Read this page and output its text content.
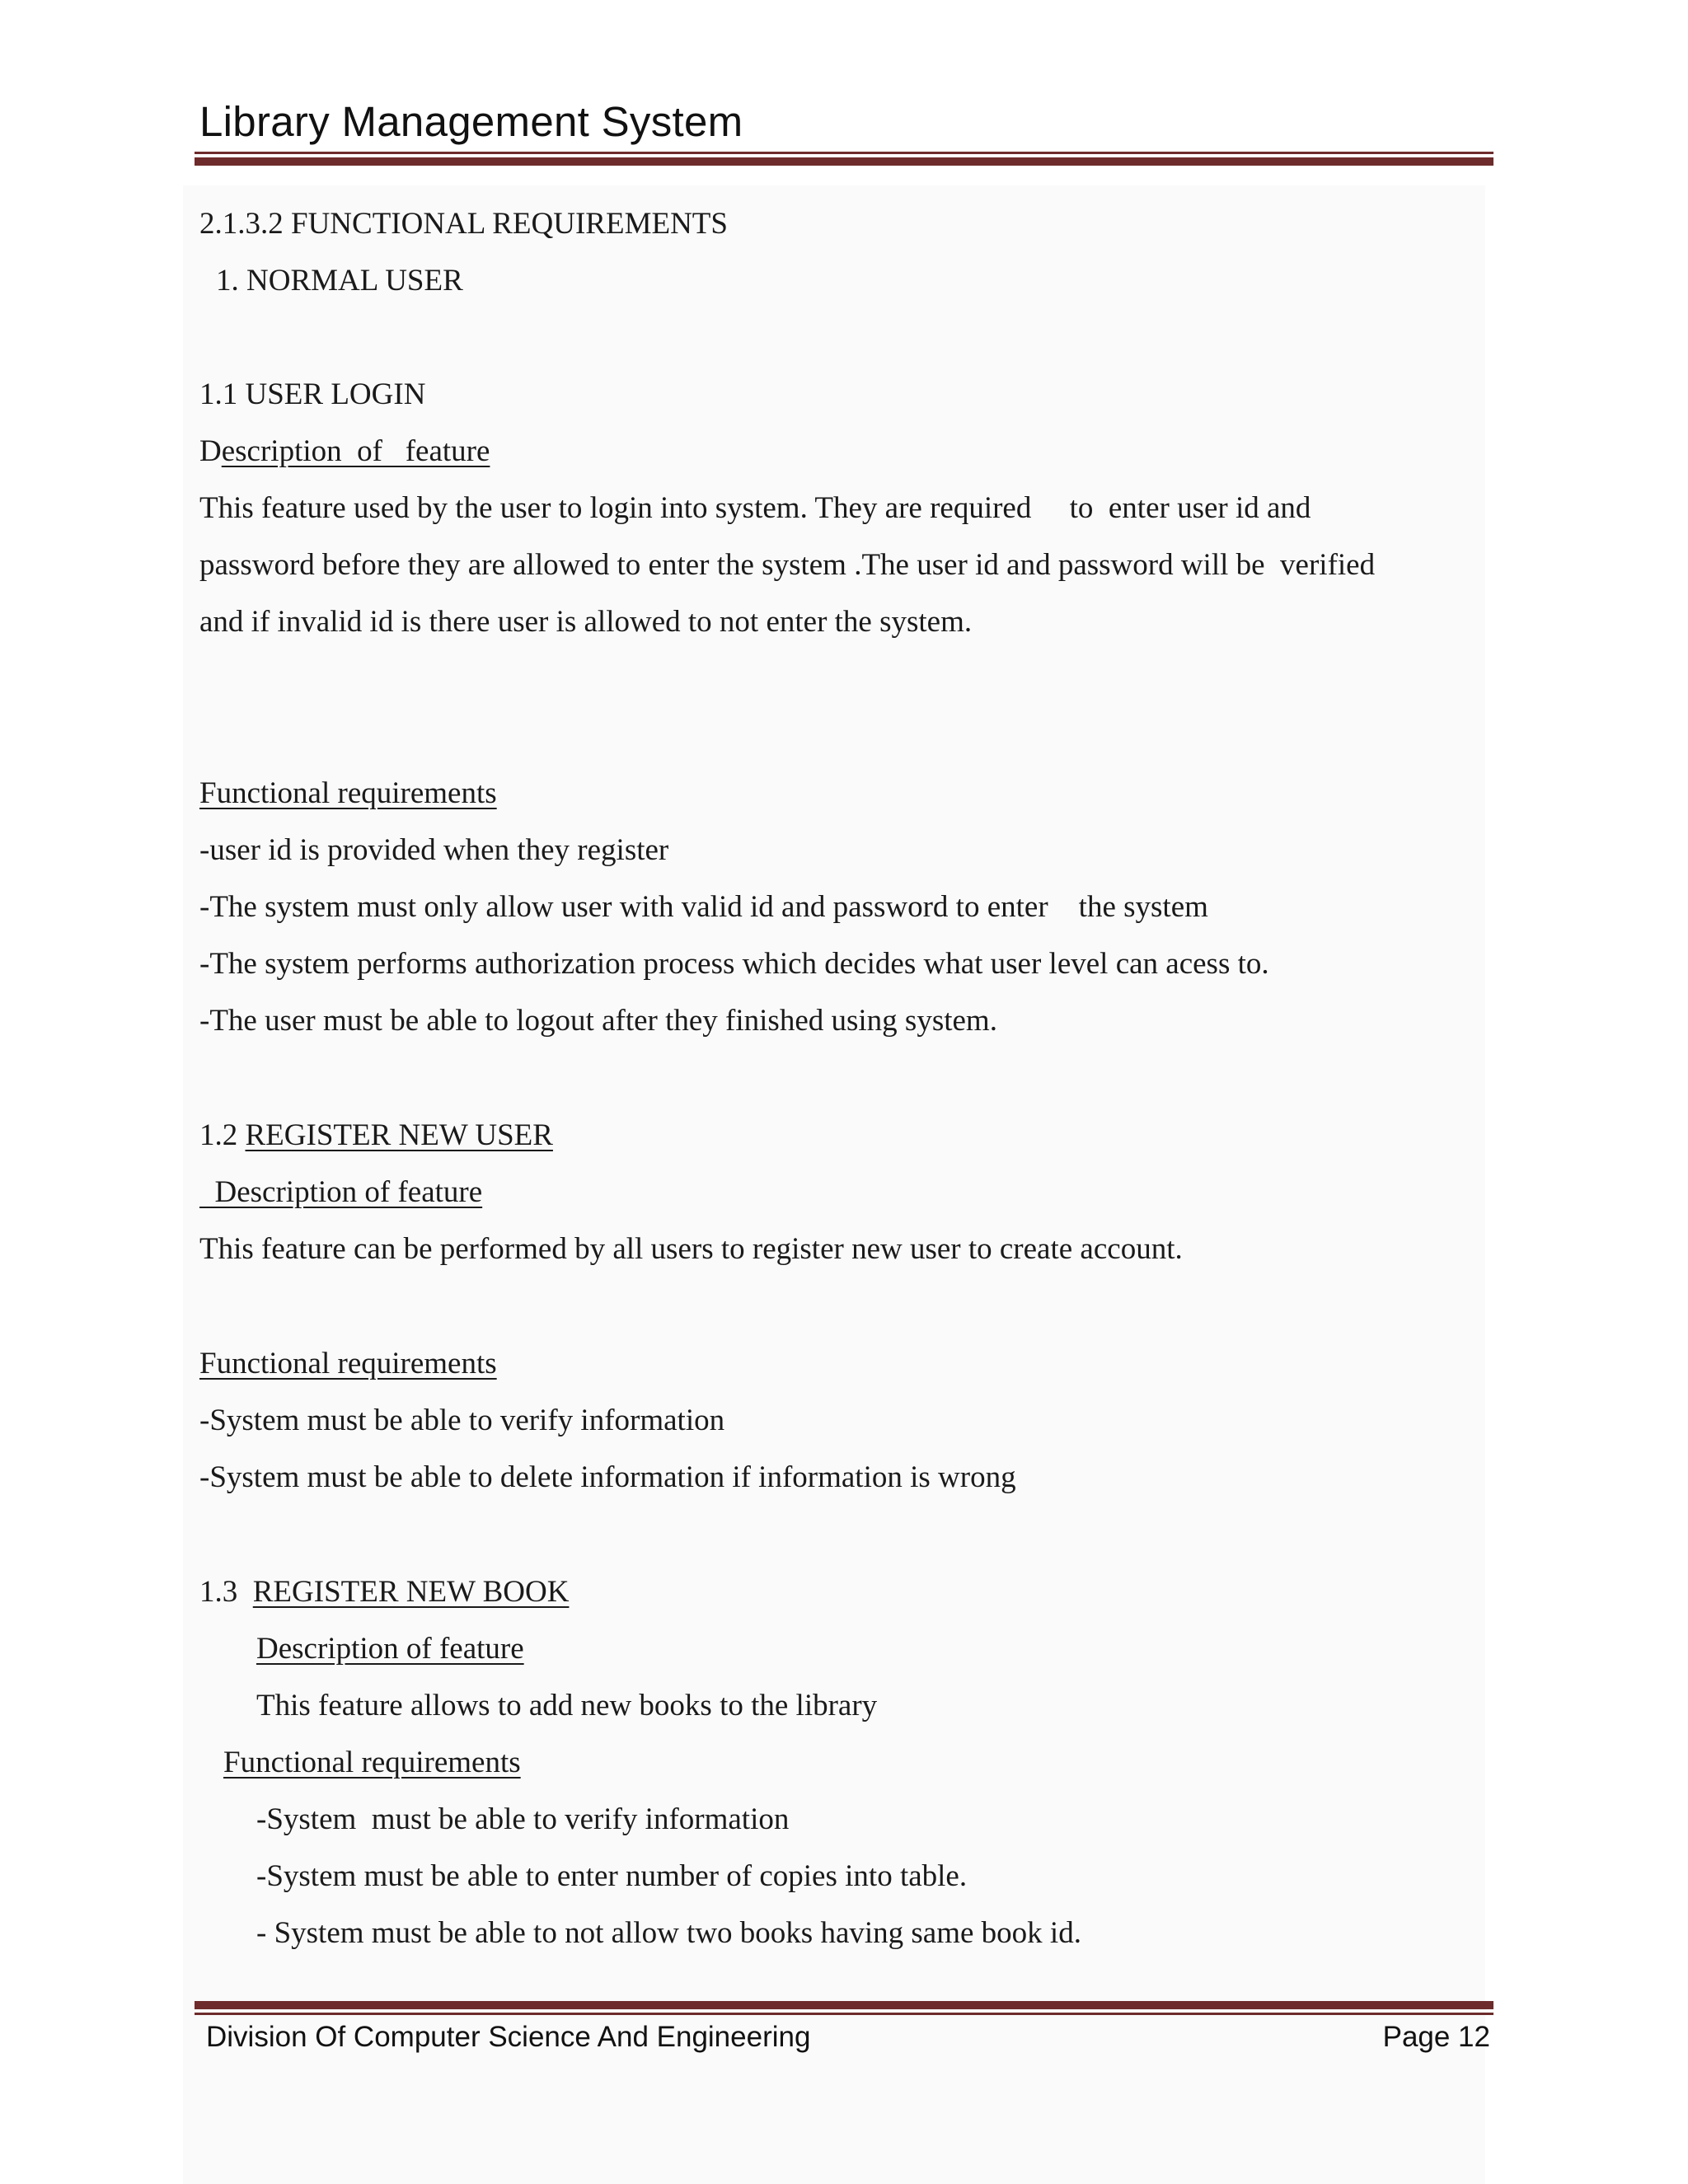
Library Management System
2.1.3.2 FUNCTIONAL REQUIREMENTS
1. NORMAL USER
1.1 USER LOGIN
Description  of   feature
This feature used by the user to login into system. They are required     to  enter user id and
password before they are allowed to enter the system .The user id and password will be  verified
and if invalid id is there user is allowed to not enter the system.
Functional requirements
-user id is provided when they register
-The system must only allow user with valid id and password to enter    the system
-The system performs authorization process which decides what user level can acess to.
-The user must be able to logout after they finished using system.
1.2 REGISTER NEW USER
Description of feature
This feature can be performed by all users to register new user to create account.
Functional requirements
-System must be able to verify information
-System must be able to delete information if information is wrong
1.3  REGISTER NEW BOOK
Description of feature
This feature allows to add new books to the library
Functional requirements
-System  must be able to verify information
-System must be able to enter number of copies into table.
- System must be able to not allow two books having same book id.
Division Of Computer Science And Engineering	Page 12
